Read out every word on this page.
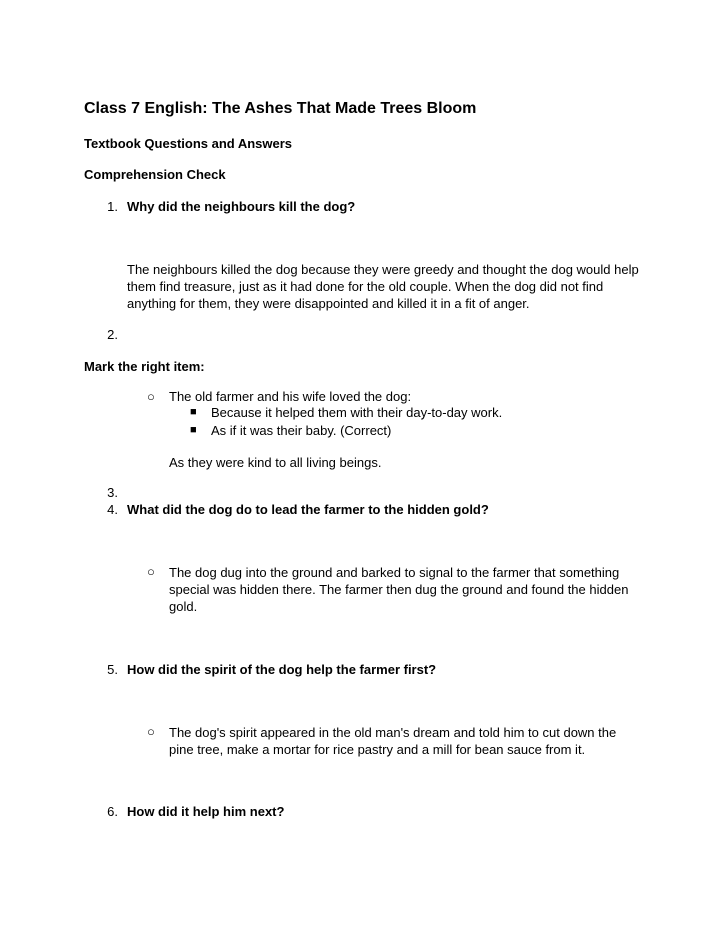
Class 7 English: The Ashes That Made Trees Bloom
Textbook Questions and Answers
Comprehension Check
1. Why did the neighbours kill the dog?
The neighbours killed the dog because they were greedy and thought the dog would help them find treasure, just as it had done for the old couple. When the dog did not find anything for them, they were disappointed and killed it in a fit of anger.
2.
Mark the right item:
○ The old farmer and his wife loved the dog:
■ Because it helped them with their day-to-day work.
■ As if it was their baby. (Correct)
As they were kind to all living beings.
3.
4. What did the dog do to lead the farmer to the hidden gold?
○ The dog dug into the ground and barked to signal to the farmer that something special was hidden there. The farmer then dug the ground and found the hidden gold.
5. How did the spirit of the dog help the farmer first?
○ The dog's spirit appeared in the old man's dream and told him to cut down the pine tree, make a mortar for rice pastry and a mill for bean sauce from it.
6. How did it help him next?
